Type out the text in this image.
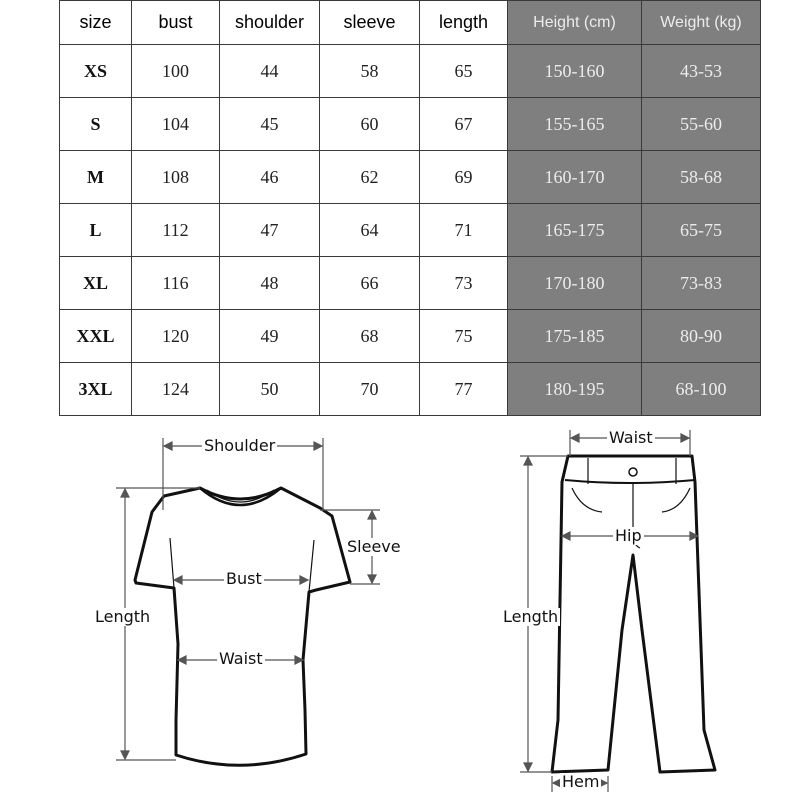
size	bust	shoulder	sleeve	length	Height (cm)	Weight (kg)
XS	100	44	58	65	150-160	43-53
S	104	45	60	67	155-165	55-60
M	108	46	62	69	160-170	58-68
L	112	47	64	71	165-175	65-75
XL	116	48	66	73	170-180	73-83
XXL	120	49	68	75	175-185	80-90
3XL	124	50	70	77	180-195	68-100
Shoulder
Sleeve
Bust
Waist
Length
Waist
Hip
Length
Hem
